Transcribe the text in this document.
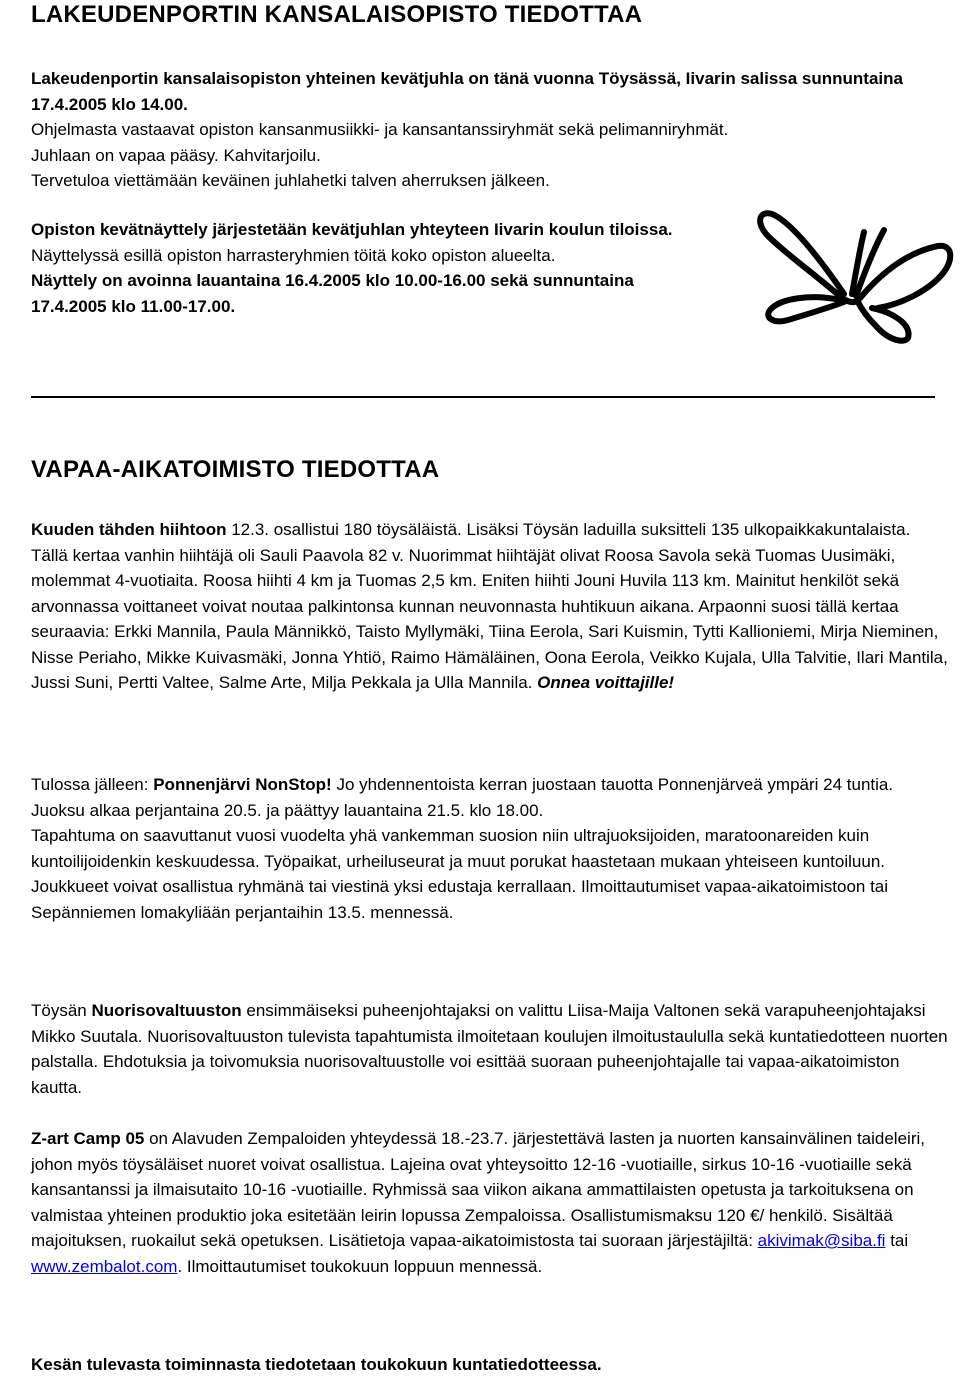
LAKEUDENPORTIN KANSALAISOPISTO TIEDOTTAA

Lakeudenportin kansalaisopiston yhteinen kevätjuhla on tänä vuonna Töysässä, Iivarin salissa sunnuntaina 17.4.2005 klo 14.00.

Ohjelmasta vastaavat opiston kansanmusiikki- ja kansantanssiryhmät sekä pelimanniryhmät.

Juhlaan on vapaa pääsy. Kahvitarjoilu.

Tervetuloa viettämään keväinen juhlahetki talven aherruksen jälkeen.

Opiston kevätnäyttely järjestetään kevätjuhlan yhteyteen Iivarin koulun tiloissa.

Näyttelyssä esillä opiston harrasteryhmien töitä koko opiston alueelta.

Näyttely on avoinna lauantaina 16.4.2005 klo 10.00-16.00 sekä sunnuntaina 17.4.2005 klo 11.00-17.00.

VAPAA-AIKATOIMISTO TIEDOTTAA

Kuuden tähden hiihtoon 12.3. osallistui 180 töysäläistä. Lisäksi Töysän laduilla suksitteli 135 ulkopaikkakuntalaista. Tällä kertaa vanhin hiihtäjä oli Sauli Paavola 82 v. Nuorimmat hiihtäjät olivat Roosa Savola sekä Tuomas Uusimäki, molemmat 4-vuotiaita. Roosa hiihti 4 km ja Tuomas 2,5 km. Eniten hiihti Jouni Huvila 113 km. Mainitut henkilöt sekä arvonnassa voittaneet voivat noutaa palkintonsa kunnan neuvonnasta huhtikuun aikana. Arpaonni suosi tällä kertaa seuraavia: Erkki Mannila, Paula Männikkö, Taisto Myllymäki, Tiina Eerola, Sari Kuismin, Tytti Kallioniemi, Mirja Nieminen, Nisse Periaho, Mikke Kuivasmäki, Jonna Yhtiö, Raimo Hämäläinen, Oona Eerola, Veikko Kujala, Ulla Talvitie, Ilari Mantila, Jussi Suni, Pertti Valtee, Salme Arte, Milja Pekkala ja Ulla Mannila. Onnea voittajille!

Tulossa jälleen: Ponnenjärvi NonStop! Jo yhdennentoista kerran juostaan tauotta Ponnenjärveä ympäri 24 tuntia. Juoksu alkaa perjantaina 20.5. ja päättyy lauantaina 21.5. klo 18.00.

Tapahtuma on saavuttanut vuosi vuodelta yhä vankemman suosion niin ultrajuoksijoiden, maratoonareiden kuin kuntoilijoidenkin keskuudessa. Työpaikat, urheiluseurat ja muut porukat haastetaan mukaan yhteiseen kuntoiluun. Joukkueet voivat osallistua ryhmänä tai viestinä yksi edustaja kerrallaan. Ilmoittautumiset vapaa-aikatoimistoon tai Sepänniemen lomakyliään perjantaihin 13.5. mennessä.

Töysän Nuorisovaltuuston ensimmäiseksi puheenjohtajaksi on valittu Liisa-Maija Valtonen sekä varapuheenjohtajaksi Mikko Suutala. Nuorisovaltuuston tulevista tapahtumista ilmoitetaan koulujen ilmoitustaululla sekä kuntatiedotteen nuorten palstalla. Ehdotuksia ja toivomuksia nuorisovaltuustolle voi esittää suoraan puheenjohtajalle tai vapaa-aikatoimiston kautta.

Z-art Camp 05 on Alavuden Zempaloiden yhteydessä 18.-23.7. järjestettävä lasten ja nuorten kansainvälinen taideleiri, johon myös töysäläiset nuoret voivat osallistua. Lajeina ovat yhteysoitto 12-16 -vuotiaille, sirkus 10-16 -vuotiaille sekä kansantanssi ja ilmaisutaito 10-16 -vuotiaille. Ryhmissä saa viikon aikana ammattilaisten opetusta ja tarkoituksena on valmistaa yhteinen produktio joka esitetään leirin lopussa Zempaloissa. Osallistumismaksu 120 €/ henkilö. Sisältää majoituksen, ruokailut sekä opetuksen. Lisätietoja vapaa-aikatoimistosta tai suoraan järjestäjiltä: akivimak@siba.fi tai www.zembalot.com. Ilmoittautumiset toukokuun loppuun mennessä.

Kesän tulevasta toiminnasta tiedotetaan toukokuun kuntatiedotteessa.
